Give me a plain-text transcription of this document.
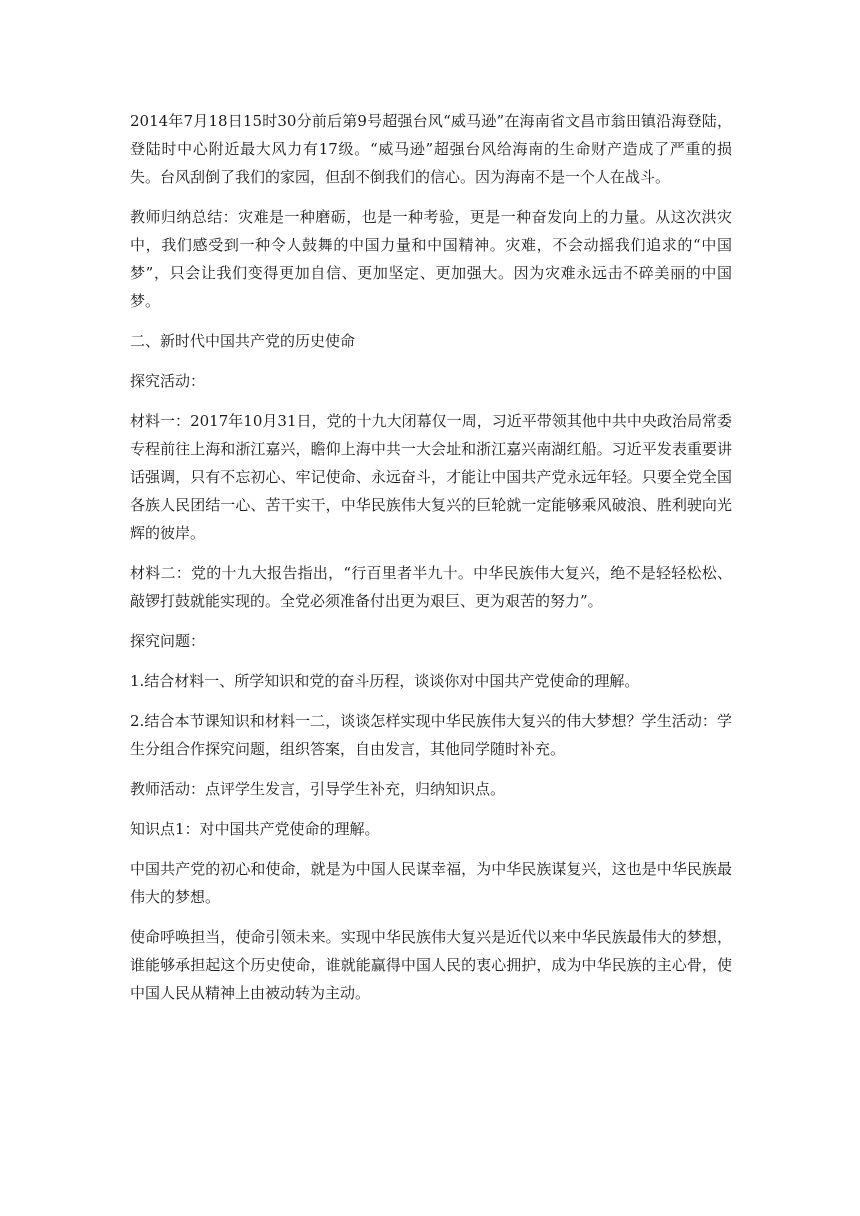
2014年7月18日15时30分前后第9号超强台风“威马逊”在海南省文昌市翁田镇沿海登陆，登陆时中心附近最大风力有17级。“威马逊”超强台风给海南的生命财产造成了严重的损失。台风刮倒了我们的家园，但刮不倒我们的信心。因为海南不是一个人在战斗。

教师归纳总结：灾难是一种磨砺，也是一种考验，更是一种奋发向上的力量。从这次洪灾中，我们感受到一种令人鼓舞的中国力量和中国精神。灾难，不会动摇我们追求的“中国梦”，只会让我们变得更加自信、更加坚定、更加强大。因为灾难永远击不碎美丽的中国梦。

二、新时代中国共产党的历史使命

探究活动：

材料一：2017年10月31日，党的十九大闭幕仅一周，习近平带领其他中共中央政治局常委专程前往上海和浙江嘉兴，瞻仰上海中共一大会址和浙江嘉兴南湖红船。习近平发表重要讲话强调，只有不忘初心、牢记使命、永远奋斗，才能让中国共产党永远年轻。只要全党全国各族人民团结一心、苦干实干，中华民族伟大复兴的巨轮就一定能够乘风破浪、胜利驶向光辉的彼岸。

材料二：党的十九大报告指出，“行百里者半九十。中华民族伟大复兴，绝不是轻轻松松、敲锣打鼓就能实现的。全党必须准备付出更为艰巨、更为艰苦的努力”。

探究问题：

1.结合材料一、所学知识和党的奋斗历程，谈谈你对中国共产党使命的理解。

2.结合本节课知识和材料一二，谈谈怎样实现中华民族伟大复兴的伟大梦想？学生活动：学生分组合作探究问题，组织答案，自由发言，其他同学随时补充。

教师活动：点评学生发言，引导学生补充，归纳知识点。

知识点1：对中国共产党使命的理解。

中国共产党的初心和使命，就是为中国人民谋幸福，为中华民族谋复兴，这也是中华民族最伟大的梦想。

使命呼唤担当，使命引领未来。实现中华民族伟大复兴是近代以来中华民族最伟大的梦想，谁能够承担起这个历史使命，谁就能赢得中国人民的衷心拥护，成为中华民族的主心骨，使中国人民从精神上由被动转为主动。
